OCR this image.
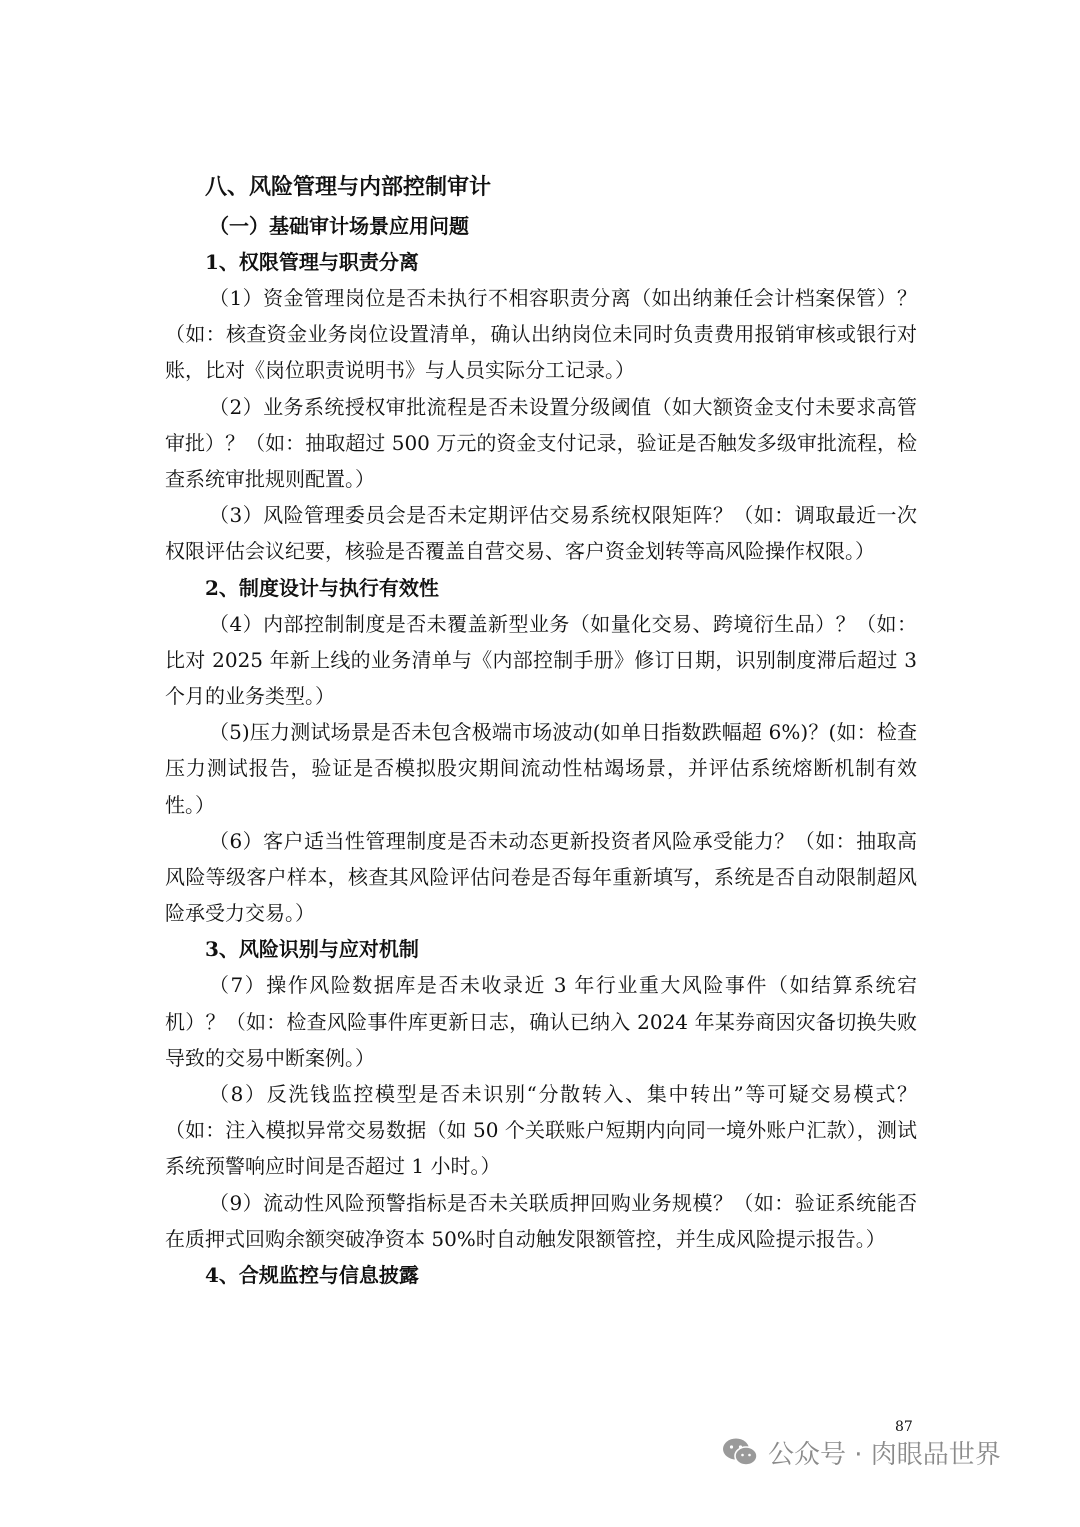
八、风险管理与内部控制审计
（一）基础审计场景应用问题
1、权限管理与职责分离

（1）资金管理岗位是否未执行不相容职责分离（如出纳兼任会计档案保管）？（如：核查资金业务岗位设置清单，确认出纳岗位未同时负责费用报销审核或银行对账，比对《岗位职责说明书》与人员实际分工记录。）

（2）业务系统授权审批流程是否未设置分级阈值（如大额资金支付未要求高管审批）？（如：抽取超过 500 万元的资金支付记录，验证是否触发多级审批流程，检查系统审批规则配置。）

（3）风险管理委员会是否未定期评估交易系统权限矩阵？（如：调取最近一次权限评估会议纪要，核验是否覆盖自营交易、客户资金划转等高风险操作权限。）

2、制度设计与执行有效性

（4）内部控制制度是否未覆盖新型业务（如量化交易、跨境衍生品）？（如：比对 2025 年新上线的业务清单与《内部控制手册》修订日期，识别制度滞后超过 3 个月的业务类型。）

（5)压力测试场景是否未包含极端市场波动(如单日指数跌幅超 6%)？(如：检查压力测试报告，验证是否模拟股灾期间流动性枯竭场景，并评估系统熔断机制有效性。）

（6）客户适当性管理制度是否未动态更新投资者风险承受能力？（如：抽取高风险等级客户样本，核查其风险评估问卷是否每年重新填写，系统是否自动限制超风险承受力交易。）

3、风险识别与应对机制

（7）操作风险数据库是否未收录近 3 年行业重大风险事件（如结算系统宕机）？（如：检查风险事件库更新日志，确认已纳入 2024 年某券商因灾备切换失败导致的交易中断案例。）

（8）反洗钱监控模型是否未识别“分散转入、集中转出”等可疑交易模式？（如：注入模拟异常交易数据（如 50 个关联账户短期内向同一境外账户汇款），测试系统预警响应时间是否超过 1 小时。）

（9）流动性风险预警指标是否未关联质押回购业务规模？（如：验证系统能否在质押式回购余额突破净资本 50%时自动触发限额管控，并生成风险提示报告。）

4、合规监控与信息披露
87
公众号 · 肉眼品世界
